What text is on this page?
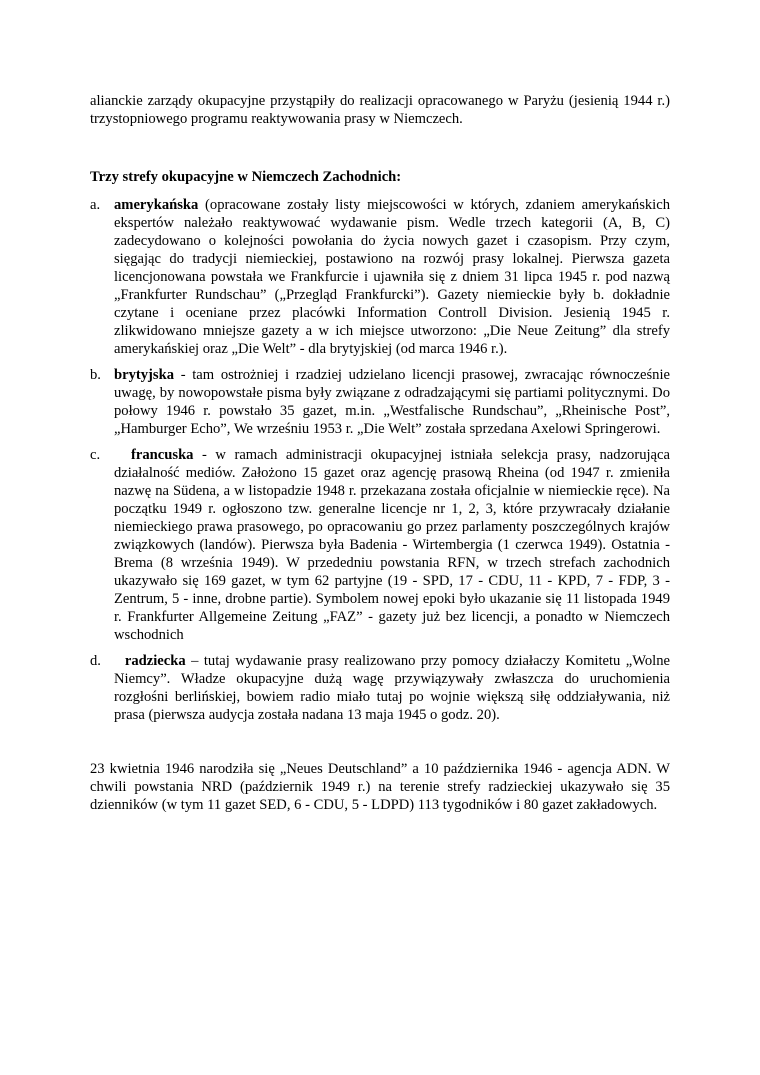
alianckie zarządy okupacyjne przystąpiły do realizacji opracowanego w Paryżu (jesienią 1944 r.) trzystopniowego programu reaktywowania prasy w Niemczech.

Trzy strefy okupacyjne w Niemczech Zachodnich:

a. amerykańska (opracowane zostały listy miejscowości w których, zdaniem amerykańskich ekspertów należało reaktywować wydawanie pism. Wedle trzech kategorii (A, B, C) zadecydowano o kolejności powołania do życia nowych gazet i czasopism. Przy czym, sięgając do tradycji niemieckiej, postawiono na rozwój prasy lokalnej. Pierwsza gazeta licencjonowana powstała we Frankfurcie i ujawniła się z dniem 31 lipca 1945 r. pod nazwą „Frankfurter Rundschau” („Przegląd Frankfurcki”). Gazety niemieckie były b. dokładnie czytane i oceniane przez placówki Information Controll Division. Jesienią 1945 r. zlikwidowano mniejsze gazety a w ich miejsce utworzono: „Die Neue Zeitung” dla strefy amerykańskiej oraz „Die Welt” - dla brytyjskiej (od marca 1946 r.).

b. brytyjska - tam ostrożniej i rzadziej udzielano licencji prasowej, zwracając równocześnie uwagę, by nowopowstałe pisma były związane z odradzającymi się partiami politycznymi. Do połowy 1946 r. powstało 35 gazet, m.in. „Westfalische Rundschau”, „Rheinische Post”, „Hamburger Echo”, We wrześniu 1953 r. „Die Welt” została sprzedana Axelowi Springerowi.

c.	francuska - w ramach administracji okupacyjnej istniała selekcja prasy, nadzorująca działalność mediów. Założono 15 gazet oraz agencję prasową Rheina (od 1947 r. zmieniła nazwę na Südena, a w listopadzie 1948 r. przekazana została oficjalnie w niemieckie ręce). Na początku 1949 r. ogłoszono tzw. generalne licencje nr 1, 2, 3, które przywracały działanie niemieckiego prawa prasowego, po opracowaniu go przez parlamenty poszczególnych krajów związkowych (landów). Pierwsza była Badenia - Wirtembergia (1 czerwca 1949). Ostatnia - Brema (8 września 1949). W przededniu powstania RFN, w trzech strefach zachodnich ukazywało się 169 gazet, w tym 62 partyjne (19 - SPD, 17 - CDU, 11 - KPD, 7 - FDP, 3 - Zentrum, 5 - inne, drobne partie). Symbolem nowej epoki było ukazanie się 11 listopada 1949 r. Frankfurter Allgemeine Zeitung „FAZ” - gazety już bez licencji, a ponadto w Niemczech wschodnich

d.	radziecka – tutaj wydawanie prasy realizowano przy pomocy działaczy Komitetu „Wolne Niemcy”. Władze okupacyjne dużą wagę przywiązywały zwłaszcza do uruchomienia rozgłośni berlińskiej, bowiem radio miało tutaj po wojnie większą siłę oddziaływania, niż prasa (pierwsza audycja została nadana 13 maja 1945 o godz. 20).

23 kwietnia 1946 narodziła się „Neues Deutschland” a 10 października 1946 - agencja ADN. W chwili powstania NRD (październik 1949 r.) na terenie strefy radzieckiej ukazywało się 35 dzienników (w tym 11 gazet SED, 6 - CDU, 5 - LDPD) 113 tygodników i 80 gazet zakładowych.
